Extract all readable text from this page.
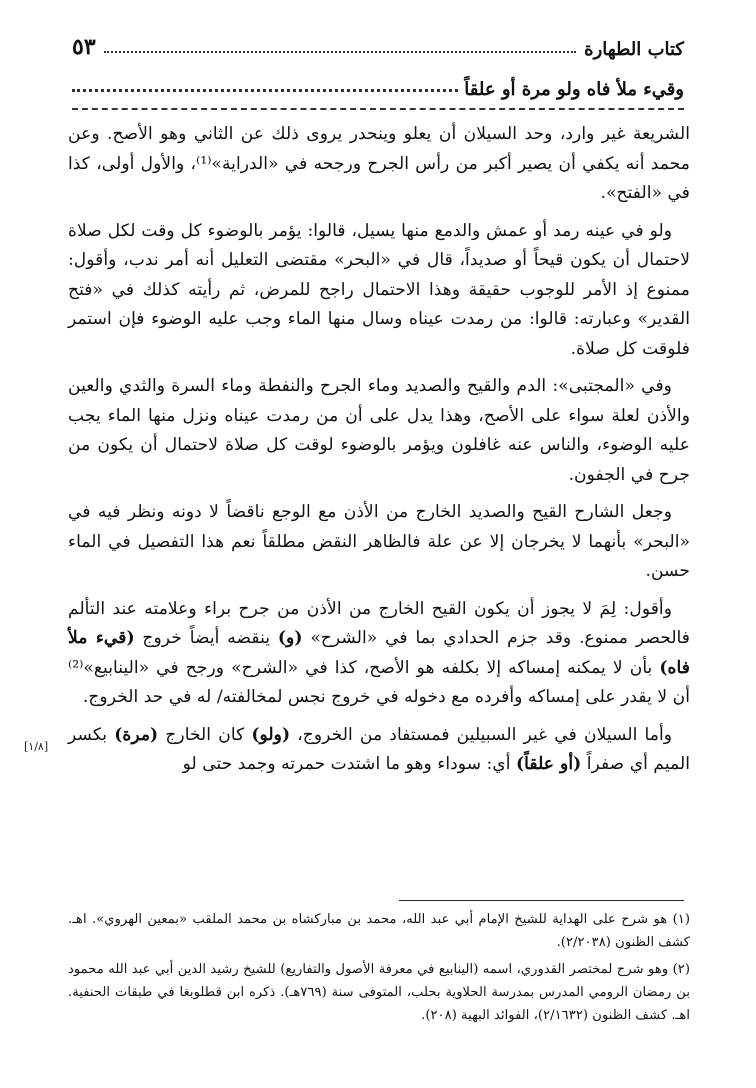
كتاب الطهارة
٥٣
وقيء ملأ فاه ولو مرة أو علقاً

الشريعة غير وارد، وحد السيلان أن يعلو وينحدر يروى ذلك عن الثاني وهو الأصح. وعن محمد أنه يكفي أن يصير أكبر من رأس الجرح ورجحه في «الدراية»⁽¹⁾، والأول أولى، كذا في «الفتح».

ولو في عينه رمد أو عمش والدمع منها يسيل، قالوا: يؤمر بالوضوء كل وقت لكل صلاة لاحتمال أن يكون قيحاً أو صديداً، قال في «البحر» مقتضى التعليل أنه أمر ندب، وأقول: ممنوع إذ الأمر للوجوب حقيقة وهذا الاحتمال راجح للمرض، ثم رأيته كذلك في «فتح القدير» وعبارته: قالوا: من رمدت عيناه وسال منها الماء وجب عليه الوضوء فإن استمر فلوقت كل صلاة.

وفي «المجتبى»: الدم والقيح والصديد وماء الجرح والنفطة وماء السرة والثدي والعين والأذن لعلة سواء على الأصح، وهذا يدل على أن من رمدت عيناه ونزل منها الماء يجب عليه الوضوء، والناس عنه غافلون ويؤمر بالوضوء لوقت كل صلاة لاحتمال أن يكون من جرح في الجفون.

وجعل الشارح القيح والصديد الخارج من الأذن مع الوجع ناقضاً لا دونه ونظر فيه في «البحر» بأنهما لا يخرجان إلا عن علة فالظاهر النقض مطلقاً نعم هذا التفصيل في الماء حسن.

وأقول: لِمَ لا يجوز أن يكون القيح الخارج من الأذن من جرح براء وعلامته عند التألم فالحصر ممنوع. وقد جزم الحدادي بما في «الشرح» (و) ينقضه أيضاً خروج (قيء ملأ فاه) بأن لا يمكنه إمساكه إلا بكلفه هو الأصح، كذا في «الشرح» ورجح في «الينابيع»⁽²⁾ أن لا يقدر على إمساكه وأفرده مع دخوله في خروج نجس لمخالفته/ له في حد الخروج.

وأما السيلان في غير السبيلين فمستفاد من الخروج، (ولو) كان الخارج (مرة) بكسر الميم أي صفراً (أو علقاً) أي: سوداء وهو ما اشتدت حمرته وجمد حتى لو

[١/٨]

(١) هو شرح على الهداية للشيخ الإمام أبي عبد الله، محمد بن مباركشاه بن محمد الملقب «بمعين الهروي». اهـ. كشف الظنون (٢/٢٠٣٨).

(٢) وهو شرح لمختصر القدوري، اسمه (الينابيع في معرفة الأصول والتفاريع) للشيخ رشيد الدين أبي عبد الله محمود بن رمضان الرومي المدرس بمدرسة الحلاوية بحلب، المتوفى سنة (٧٦٩هـ). ذكره ابن قطلوبغا في طبقات الحنفية. اهـ. كشف الظنون (٢/١٦٣٢)، الفوائد البهية (٢٠٨).
